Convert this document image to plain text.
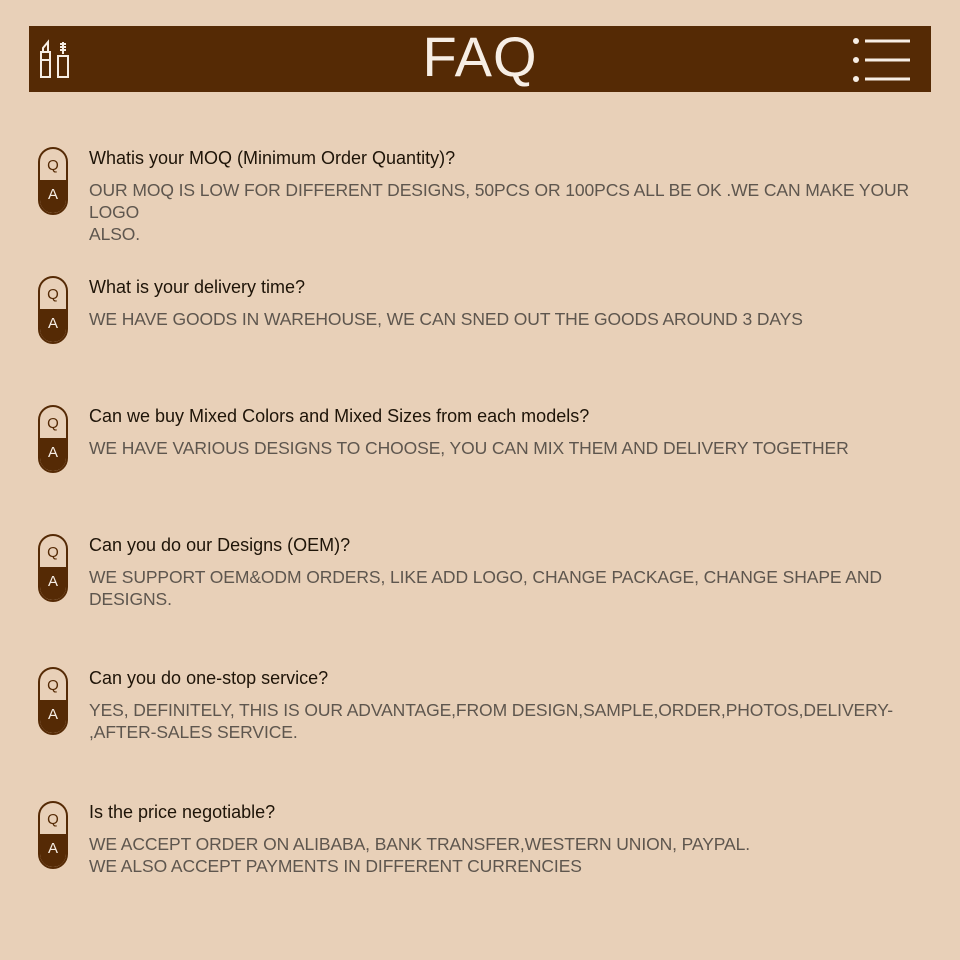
FAQ
Q
A
Whatis your MOQ (Minimum Order Quantity)?
OUR MOQ IS LOW FOR DIFFERENT DESIGNS, 50PCS OR 100PCS ALL BE OK .WE CAN MAKE YOUR LOGO
ALSO.
Q
A
What is your delivery time?
WE HAVE GOODS IN WAREHOUSE, WE CAN SNED OUT THE GOODS AROUND 3 DAYS
Q
A
Can we buy Mixed Colors and Mixed Sizes from each models?
WE HAVE VARIOUS DESIGNS TO CHOOSE, YOU CAN MIX THEM AND DELIVERY TOGETHER
Q
A
Can you do our Designs (OEM)?
WE SUPPORT OEM&ODM ORDERS, LIKE ADD LOGO, CHANGE PACKAGE, CHANGE SHAPE AND DESIGNS.
Q
A
Can you do one-stop service?
YES, DEFINITELY, THIS IS OUR ADVANTAGE,FROM DESIGN,SAMPLE,ORDER,PHOTOS,DELIVERY-
,AFTER-SALES SERVICE.
Q
A
Is the price negotiable?
WE ACCEPT ORDER ON ALIBABA, BANK TRANSFER,WESTERN UNION, PAYPAL.
WE ALSO ACCEPT PAYMENTS IN DIFFERENT CURRENCIES
